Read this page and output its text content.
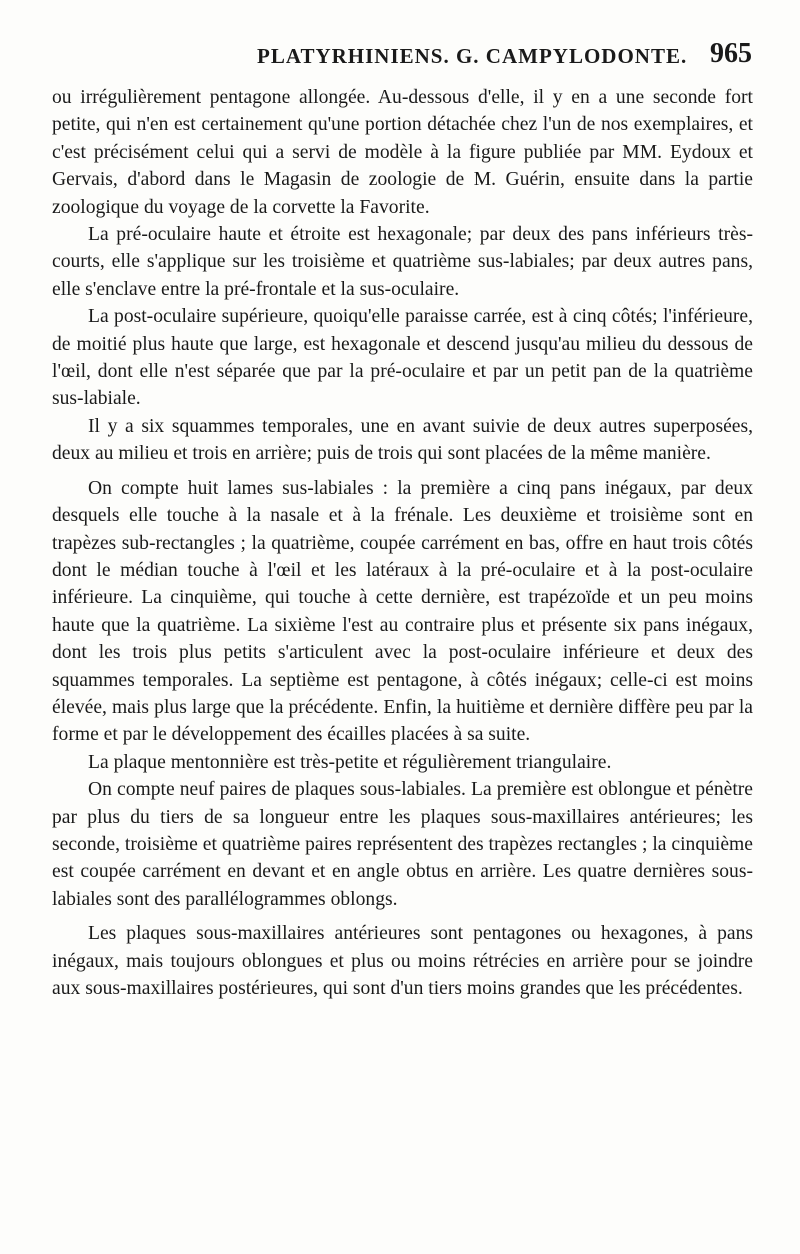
PLATYRHINIENS. G. CAMPYLODONTE. 965

ou irrégulièrement pentagone allongée. Au-dessous d'elle, il y en a une seconde fort petite, qui n'en est certainement qu'une portion détachée chez l'un de nos exemplaires, et c'est précisément celui qui a servi de modèle à la figure publiée par MM. Eydoux et Gervais, d'abord dans le Magasin de zoologie de M. Guérin, ensuite dans la partie zoologique du voyage de la corvette la Favorite.

La pré-oculaire haute et étroite est hexagonale; par deux des pans inférieurs très-courts, elle s'applique sur les troisième et quatrième sus-labiales; par deux autres pans, elle s'enclave entre la pré-frontale et la sus-oculaire.

La post-oculaire supérieure, quoiqu'elle paraisse carrée, est à cinq côtés; l'inférieure, de moitié plus haute que large, est hexagonale et descend jusqu'au milieu du dessous de l'œil, dont elle n'est séparée que par la pré-oculaire et par un petit pan de la quatrième sus-labiale.

Il y a six squammes temporales, une en avant suivie de deux autres superposées, deux au milieu et trois en arrière; puis de trois qui sont placées de la même manière.

On compte huit lames sus-labiales : la première a cinq pans inégaux, par deux desquels elle touche à la nasale et à la frénale. Les deuxième et troisième sont en trapèzes sub-rectangles ; la quatrième, coupée carrément en bas, offre en haut trois côtés dont le médian touche à l'œil et les latéraux à la pré-oculaire et à la post-oculaire inférieure. La cinquième, qui touche à cette dernière, est trapézoïde et un peu moins haute que la quatrième. La sixième l'est au contraire plus et présente six pans inégaux, dont les trois plus petits s'articulent avec la post-oculaire inférieure et deux des squammes temporales. La septième est pentagone, à côtés inégaux; celle-ci est moins élevée, mais plus large que la précédente. Enfin, la huitième et dernière diffère peu par la forme et par le développement des écailles placées à sa suite.

La plaque mentonnière est très-petite et régulièrement triangulaire.

On compte neuf paires de plaques sous-labiales. La première est oblongue et pénètre par plus du tiers de sa longueur entre les plaques sous-maxillaires antérieures; les seconde, troisième et quatrième paires représentent des trapèzes rectangles ; la cinquième est coupée carrément en devant et en angle obtus en arrière. Les quatre dernières sous-labiales sont des parallélogrammes oblongs.

Les plaques sous-maxillaires antérieures sont pentagones ou hexagones, à pans inégaux, mais toujours oblongues et plus ou moins rétrécies en arrière pour se joindre aux sous-maxillaires postérieures, qui sont d'un tiers moins grandes que les précédentes.
